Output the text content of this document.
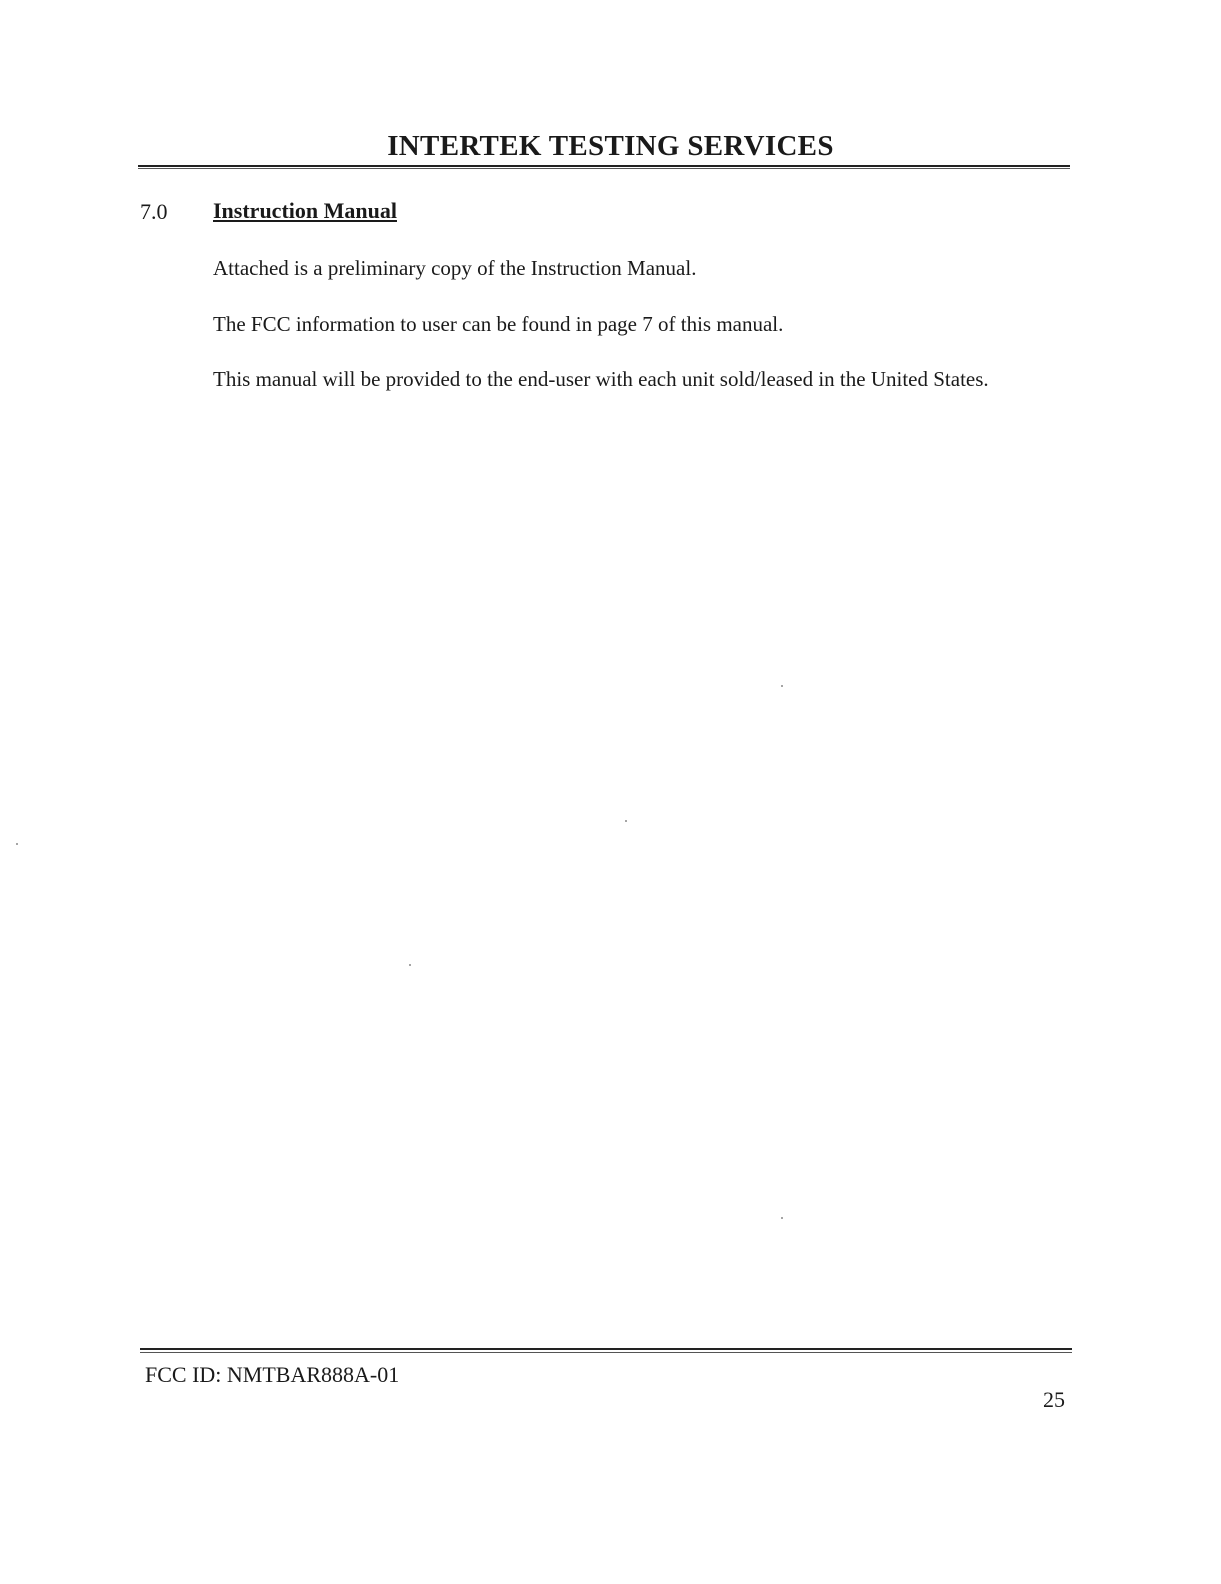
INTERTEK TESTING SERVICES
7.0 Instruction Manual
Attached is a preliminary copy of the Instruction Manual.
The FCC information to user can be found in page 7 of this manual.
This manual will be provided to the end-user with each unit sold/leased in the United States.
FCC ID: NMTBAR888A-01
25
